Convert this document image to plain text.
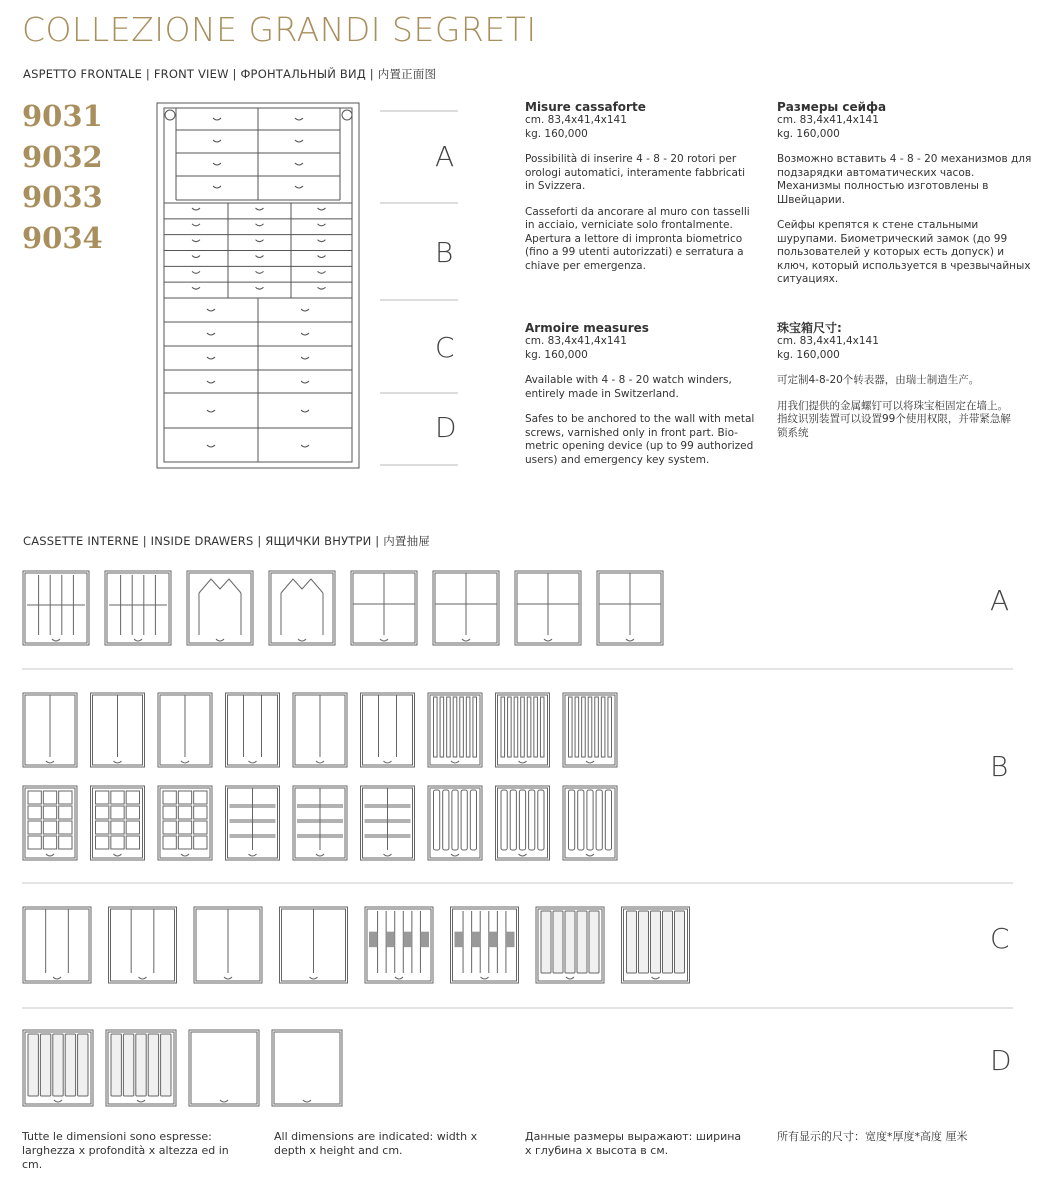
COLLEZIONE GRANDI SEGRETI
ASPETTO FRONTALE | FRONT VIEW | ФРОНТАЛЬНЫЙ ВИД | 内置正面图
9031
9032
9033
9034
A
B
C
D

Misure cassaforte

cm. 83,4x41,4x141

kg. 160,000

Possibilità di inserire 4 - 8 - 20 rotori per orologi automatici, interamente fabbricati in Svizzera.

Casseforti da ancorare al muro con tasselli in acciaio, verniciate solo frontalmente. Apertura a lettore di impronta biometrico (fino a 99 utenti autorizzati) e serratura a chiave per emergenza.

Armoire measures

cm. 83,4x41,4x141

kg. 160,000

Available with 4 - 8 - 20 watch winders, entirely made in Switzerland.

Safes to be anchored to the wall with metal screws, varnished only in front part. Bio-metric opening device (up to 99 authorized users) and emergency key system.

Размеры сейфа

cm. 83,4x41,4x141

kg. 160,000

Возможно вставить 4 - 8 - 20 механизмов для подзарядки автоматических часов. Механизмы полностью изготовлены в Швейцарии.

Сейфы крепятся к стене стальными шурупами. Биометрический замок (до 99 пользователей у которых есть допуск) и ключ, который используется в чрезвычайных ситуациях.

珠宝箱尺寸:

cm. 83,4x41,4x141

kg. 160,000

可定制4-8-20个转表器，由瑞士制造生产。

用我们提供的金属螺钉可以将珠宝柜固定在墙上。指纹识别装置可以设置99个使用权限，并带紧急解锁系统

CASSETTE INTERNE | INSIDE DRAWERS | ЯЩИЧКИ ВНУТРИ | 内置抽屉
A
B
C
D
Tutte le dimensioni sono espresse: larghezza x profondità x altezza ed in cm.
All dimensions are indicated: width x depth x height and cm.
Данные размеры выражают: ширина х глубина х высота в см.
所有显示的尺寸：宽度*厚度*高度 厘米
